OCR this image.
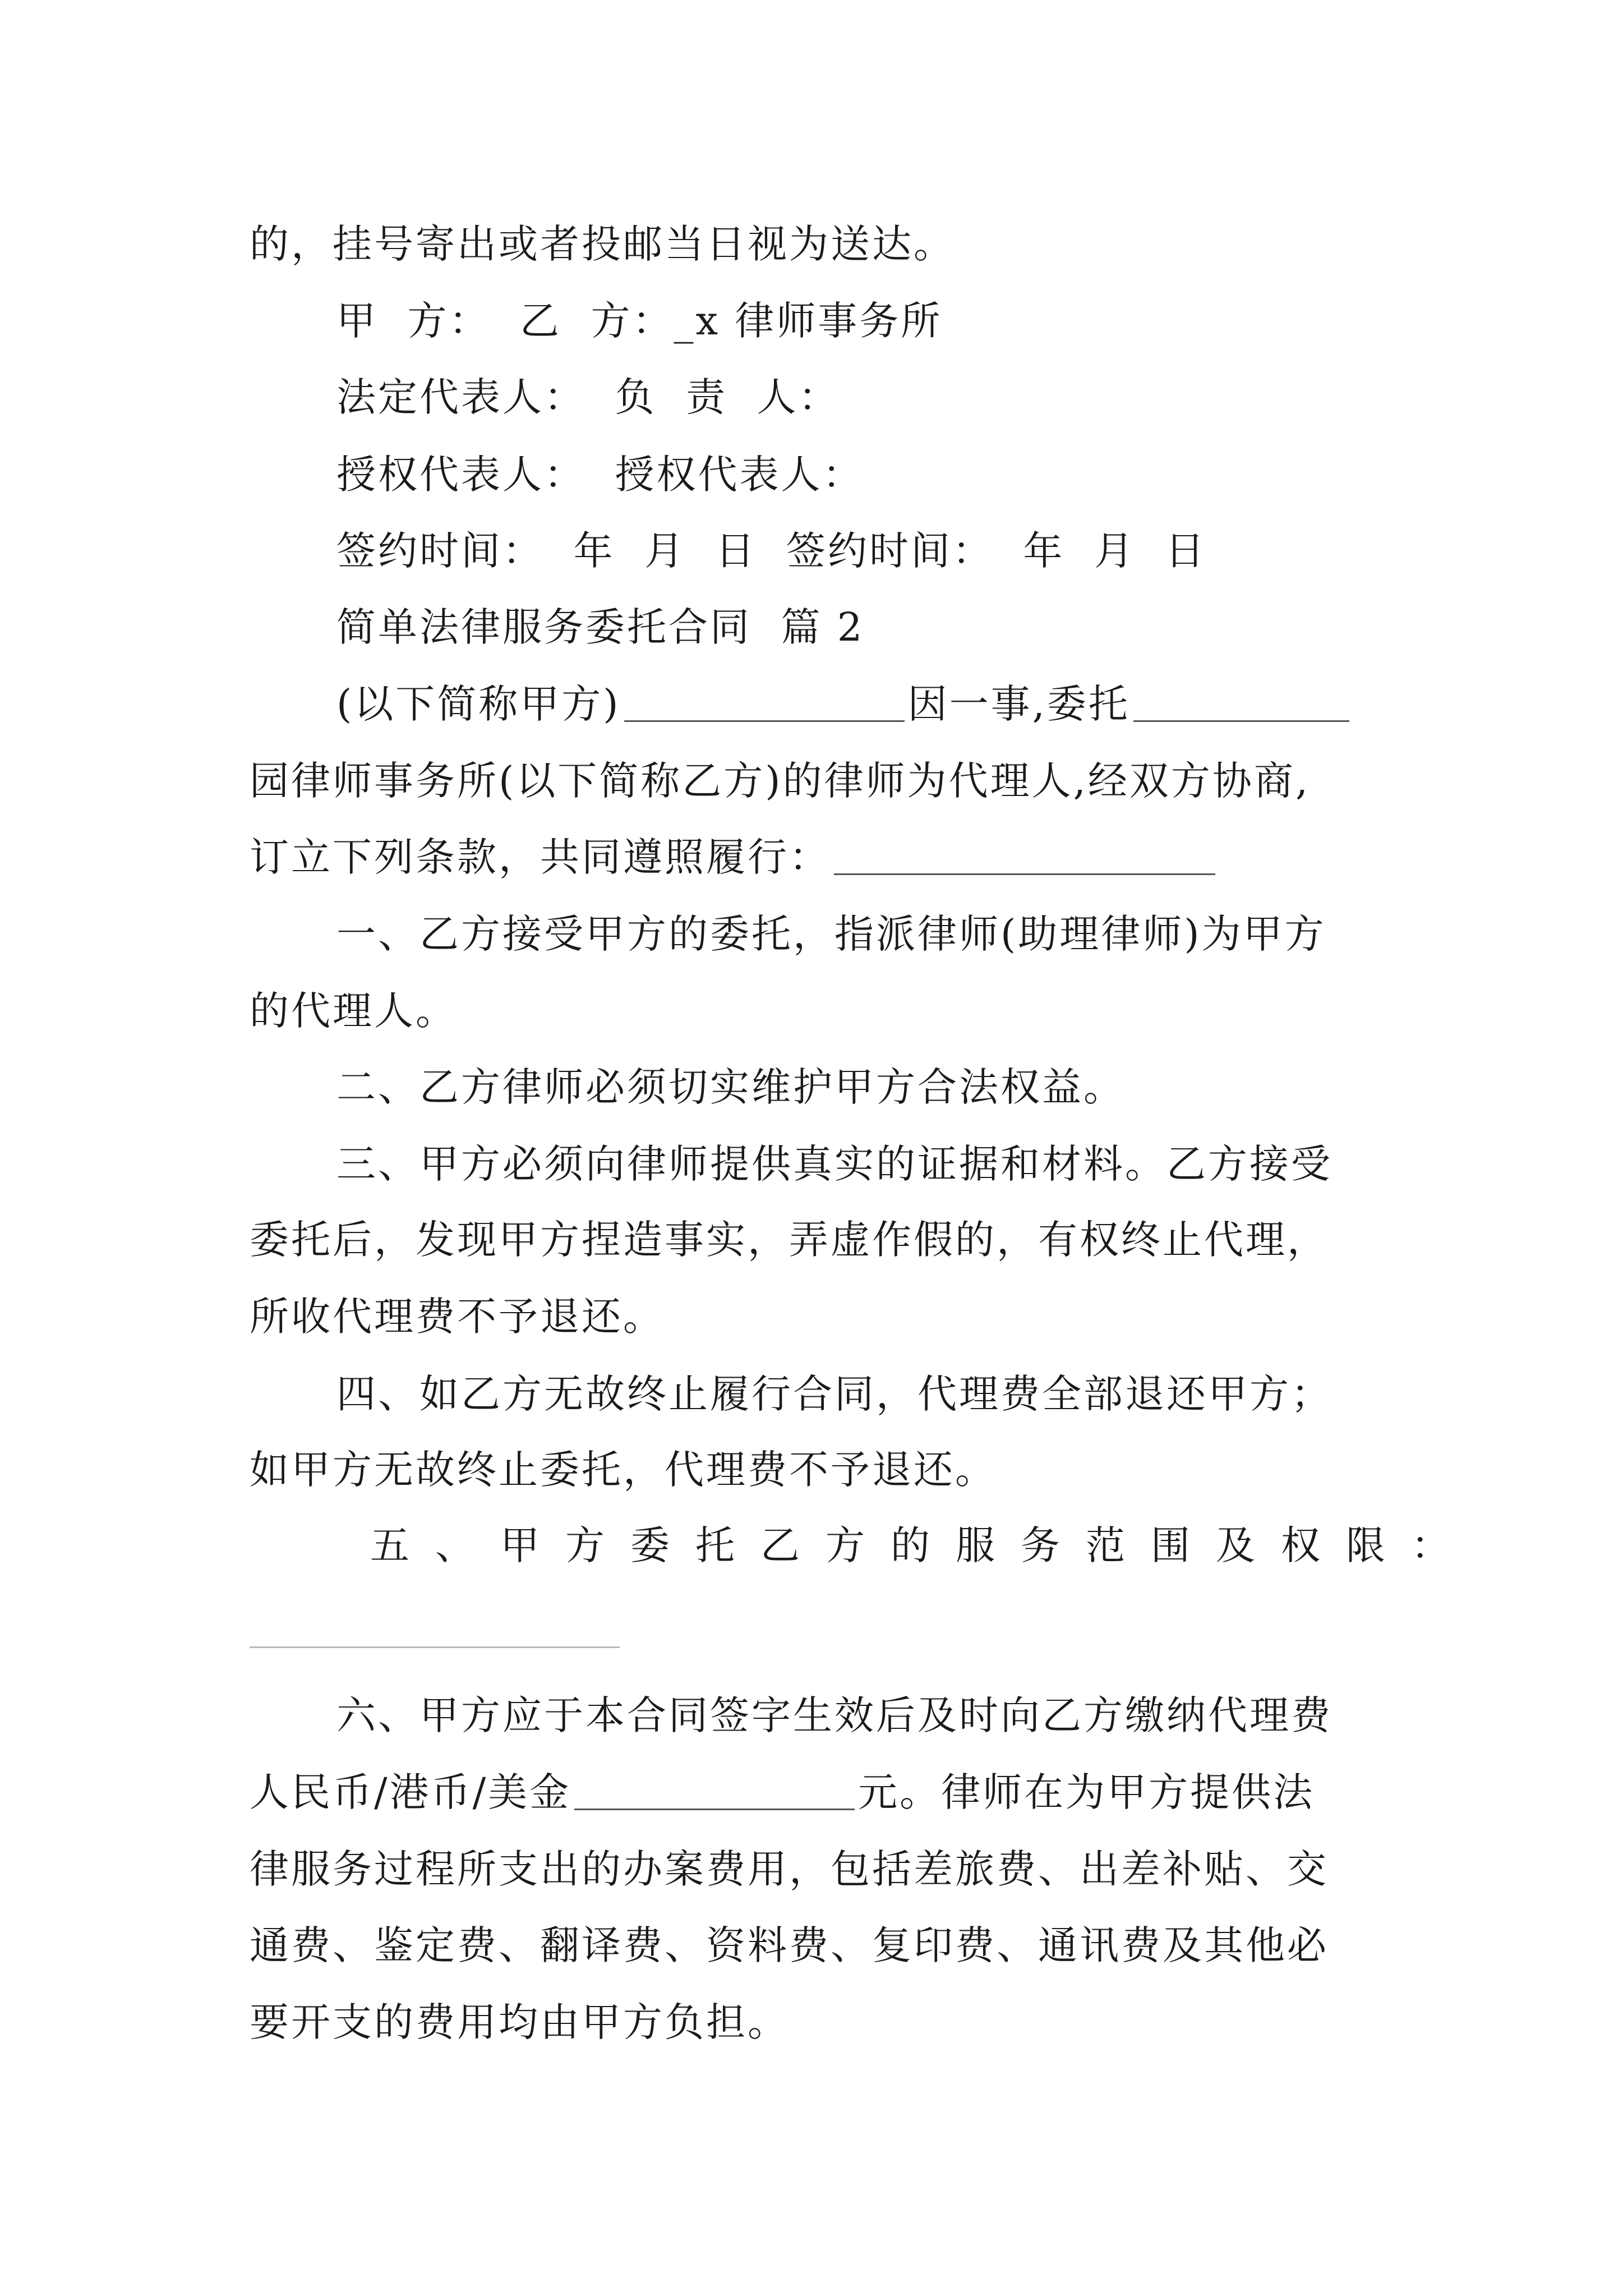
的，挂号寄出或者投邮当日视为送达。
甲  方：  乙  方：_x 律师事务所
法定代表人：  负  责  人：
授权代表人：  授权代表人：
签约时间：  年  月  日  签约时间：  年  月  日
简单法律服务委托合同  篇 2
(以下简称甲方)	因一事,委托
园律师事务所(以下简称乙方)的律师为代理人,经双方协商,
订立下列条款，共同遵照履行：
一、乙方接受甲方的委托，指派律师(助理律师)为甲方
的代理人。
二、乙方律师必须切实维护甲方合法权益。
三、甲方必须向律师提供真实的证据和材料。乙方接受
委托后，发现甲方捏造事实，弄虚作假的，有权终止代理，
所收代理费不予退还。
四、如乙方无故终止履行合同，代理费全部退还甲方；
如甲方无故终止委托，代理费不予退还。
五、甲方委托乙方的服务范围及权限：
六、甲方应于本合同签字生效后及时向乙方缴纳代理费
人民币/港币/美金	元。律师在为甲方提供法
律服务过程所支出的办案费用，包括差旅费、出差补贴、交
通费、鉴定费、翻译费、资料费、复印费、通讯费及其他必
要开支的费用均由甲方负担。
